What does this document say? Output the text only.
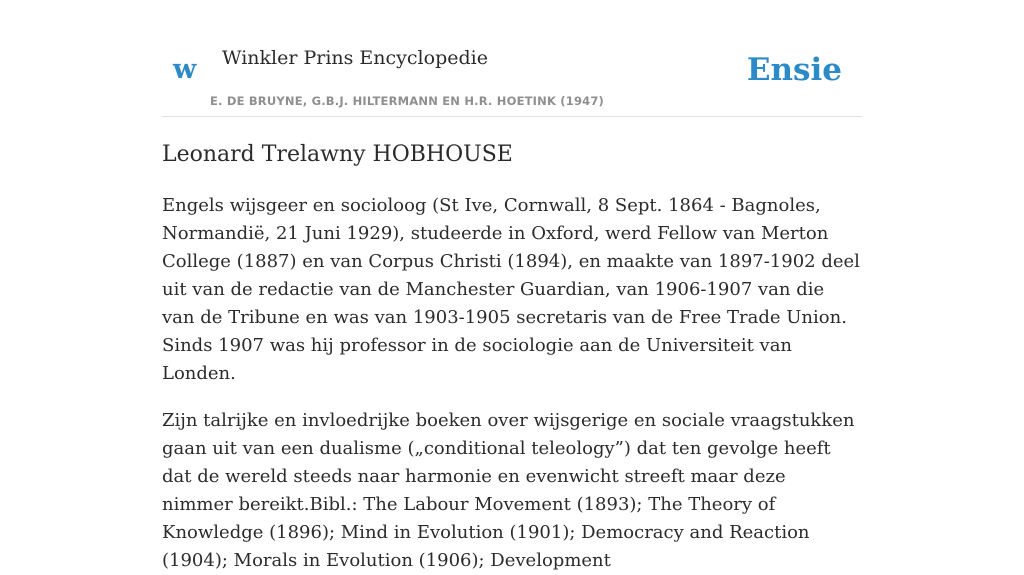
w Winkler Prins Encyclopedie
E. DE BRUYNE, G.B.J. HILTERMANN EN H.R. HOETINK (1947)
Ensie
Leonard Trelawny HOBHOUSE

Engels wijsgeer en socioloog (St Ive, Cornwall, 8 Sept. 1864 - Bagnoles, Normandië, 21 Juni 1929), studeerde in Oxford, werd Fellow van Merton College (1887) en van Corpus Christi (1894), en maakte van 1897-1902 deel uit van de redactie van de Manchester Guardian, van 1906-1907 van die van de Tribune en was van 1903-1905 secretaris van de Free Trade Union. Sinds 1907 was hij professor in de sociologie aan de Universiteit van Londen.

Zijn talrijke en invloedrijke boeken over wijsgerige en sociale vraagstukken gaan uit van een dualisme („conditional teleology”) dat ten gevolge heeft dat de wereld steeds naar harmonie en evenwicht streeft maar deze nimmer bereikt.Bibl.: The Labour Movement (1893); The Theory of Knowledge (1896); Mind in Evolution (1901); Democracy and Reaction (1904); Morals in Evolution (1906); Development
